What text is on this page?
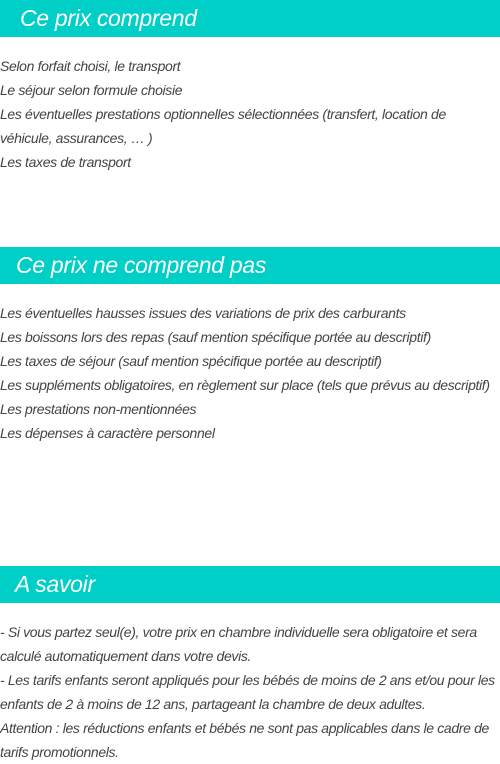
Ce prix comprend

Selon forfait choisi, le transport

Le séjour selon formule choisie

Les éventuelles prestations optionnelles sélectionnées (transfert, location de véhicule, assurances, … )

Les taxes de transport

Ce prix ne comprend pas

Les éventuelles hausses issues des variations de prix des carburants

Les boissons lors des repas (sauf mention spécifique portée au descriptif)

Les taxes de séjour (sauf mention spécifique portée au descriptif)

Les suppléments obligatoires, en règlement sur place (tels que prévus au descriptif)

Les prestations non-mentionnées

Les dépenses à caractère personnel

A savoir

- Si vous partez seul(e), votre prix en chambre individuelle sera obligatoire et sera calculé automatiquement dans votre devis.

- Les tarifs enfants seront appliqués pour les bébés de moins de 2 ans et/ou pour les enfants de 2 à moins de 12 ans, partageant la chambre de deux adultes.

Attention : les réductions enfants et bébés ne sont pas applicables dans le cadre de tarifs promotionnels.
